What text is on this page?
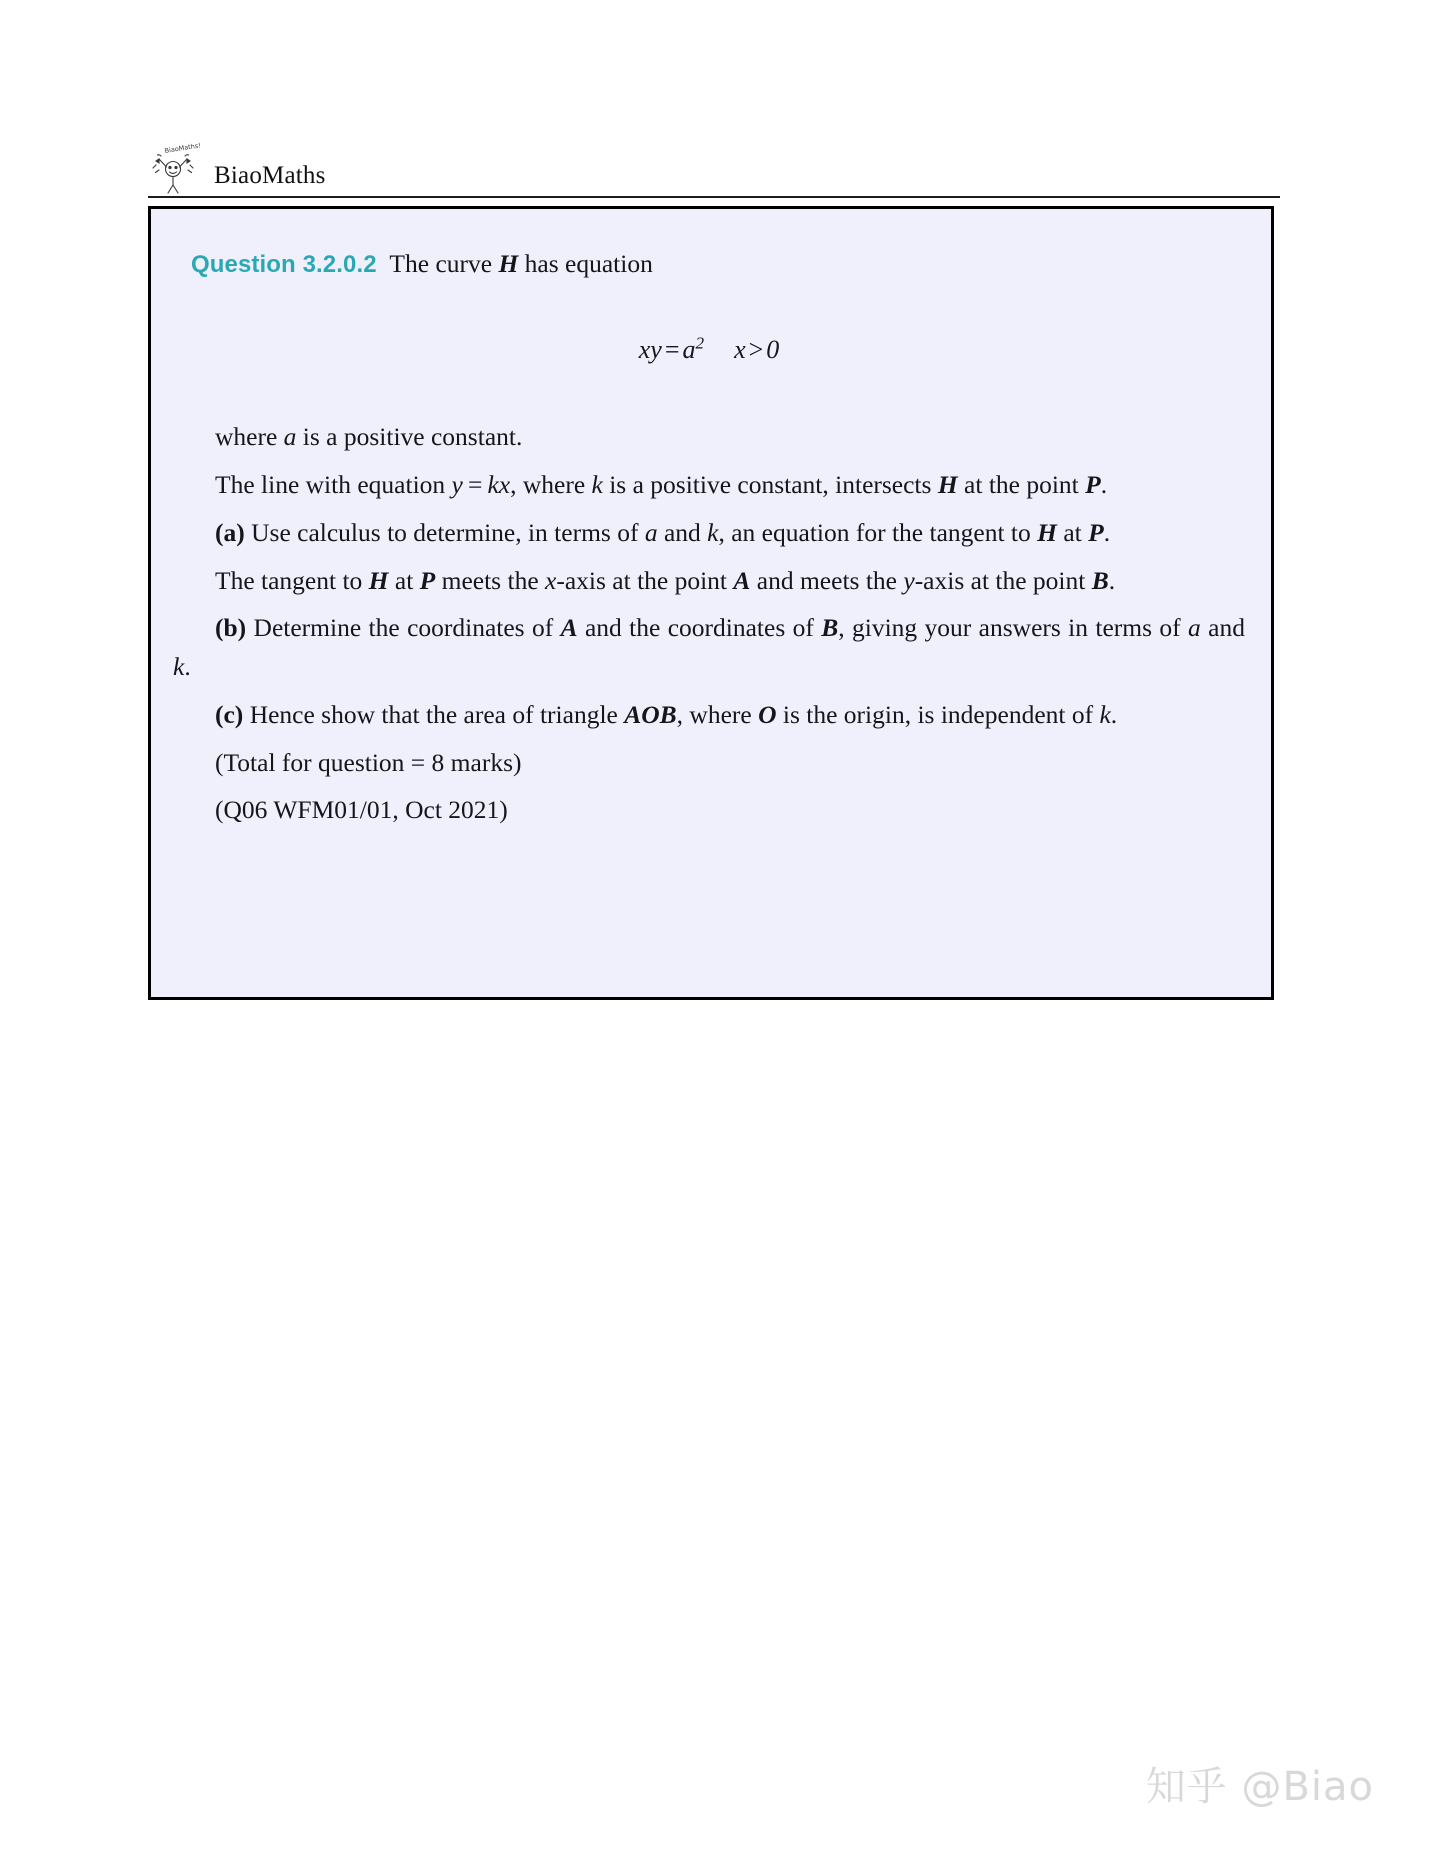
BiaoMaths!
BiaoMaths
Question 3.2.0.2  The curve H has equation
xy = $a^2$ x > 0

where a is a positive constant.

The line with equation y = kx, where k is a positive constant, intersects H at the point P.

(a) Use calculus to determine, in terms of a and k, an equation for the tangent to H at P.

The tangent to H at P meets the x-axis at the point A and meets the y-axis at the point B.

(b) Determine the coordinates of A and the coordinates of B, giving your answers in terms of a and k.

(c) Hence show that the area of triangle AOB, where O is the origin, is independent of k.

(Total for question = 8 marks)

(Q06 WFM01/01, Oct 2021)

知乎 @Biao
